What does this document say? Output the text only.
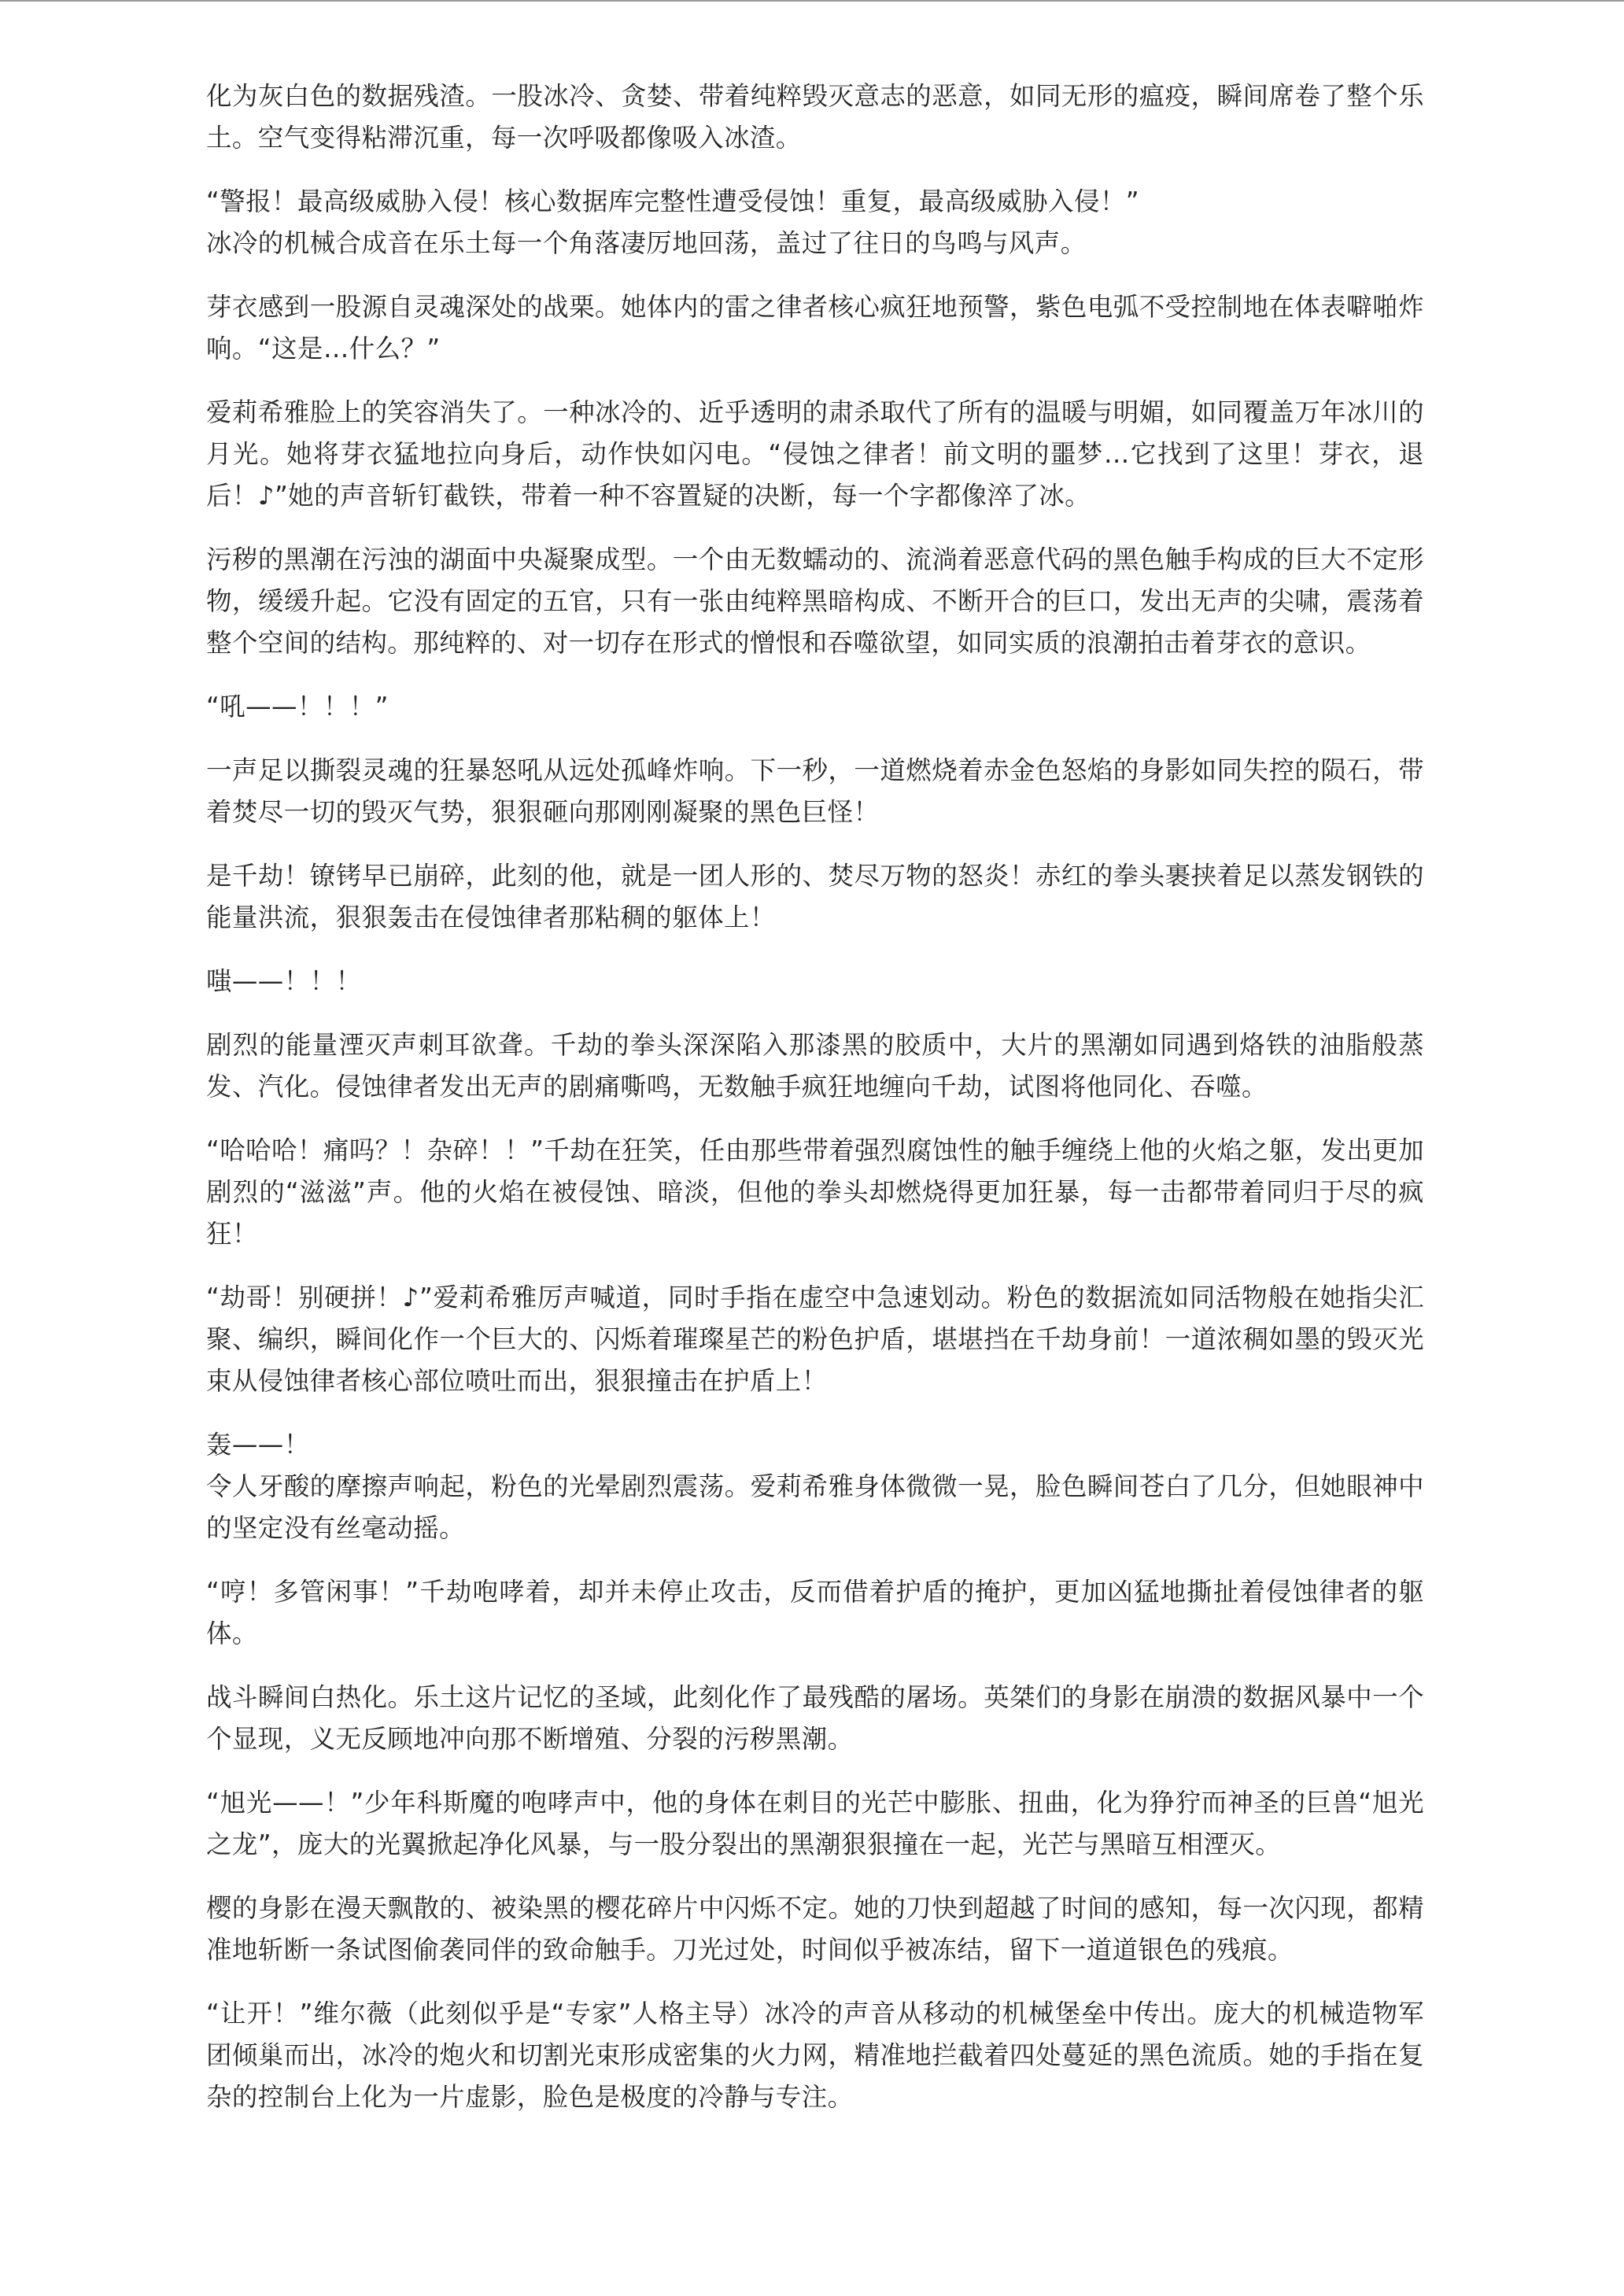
化为灰白色的数据残渣。一股冰冷、贪婪、带着纯粹毁灭意志的恶意，如同无形的瘟疫，瞬间席卷了整个乐土。空气变得粘滞沉重，每一次呼吸都像吸入冰渣。

“警报！最高级威胁入侵！核心数据库完整性遭受侵蚀！重复，最高级威胁入侵！”

冰冷的机械合成音在乐土每一个角落凄厉地回荡，盖过了往日的鸟鸣与风声。

芽衣感到一股源自灵魂深处的战栗。她体内的雷之律者核心疯狂地预警，紫色电弧不受控制地在体表噼啪炸响。“这是…什么？”

爱莉希雅脸上的笑容消失了。一种冰冷的、近乎透明的肃杀取代了所有的温暖与明媚，如同覆盖万年冰川的月光。她将芽衣猛地拉向身后，动作快如闪电。“侵蚀之律者！前文明的噩梦…它找到了这里！芽衣，退后！♪”她的声音斩钉截铁，带着一种不容置疑的决断，每一个字都像淬了冰。

污秽的黑潮在污浊的湖面中央凝聚成型。一个由无数蠕动的、流淌着恶意代码的黑色触手构成的巨大不定形物，缓缓升起。它没有固定的五官，只有一张由纯粹黑暗构成、不断开合的巨口，发出无声的尖啸，震荡着整个空间的结构。那纯粹的、对一切存在形式的憎恨和吞噬欲望，如同实质的浪潮拍击着芽衣的意识。

“吼——！！！”

一声足以撕裂灵魂的狂暴怒吼从远处孤峰炸响。下一秒，一道燃烧着赤金色怒焰的身影如同失控的陨石，带着焚尽一切的毁灭气势，狠狠砸向那刚刚凝聚的黑色巨怪！

是千劫！镣铐早已崩碎，此刻的他，就是一团人形的、焚尽万物的怒炎！赤红的拳头裹挟着足以蒸发钢铁的能量洪流，狠狠轰击在侵蚀律者那粘稠的躯体上！

嗤——！！！

剧烈的能量湮灭声刺耳欲聋。千劫的拳头深深陷入那漆黑的胶质中，大片的黑潮如同遇到烙铁的油脂般蒸发、汽化。侵蚀律者发出无声的剧痛嘶鸣，无数触手疯狂地缠向千劫，试图将他同化、吞噬。

“哈哈哈！痛吗？！杂碎！！”千劫在狂笑，任由那些带着强烈腐蚀性的触手缠绕上他的火焰之躯，发出更加剧烈的“滋滋”声。他的火焰在被侵蚀、暗淡，但他的拳头却燃烧得更加狂暴，每一击都带着同归于尽的疯狂！

“劫哥！别硬拼！♪”爱莉希雅厉声喊道，同时手指在虚空中急速划动。粉色的数据流如同活物般在她指尖汇聚、编织，瞬间化作一个巨大的、闪烁着璀璨星芒的粉色护盾，堪堪挡在千劫身前！一道浓稠如墨的毁灭光束从侵蚀律者核心部位喷吐而出，狠狠撞击在护盾上！

轰——！

令人牙酸的摩擦声响起，粉色的光晕剧烈震荡。爱莉希雅身体微微一晃，脸色瞬间苍白了几分，但她眼神中的坚定没有丝毫动摇。

“哼！多管闲事！”千劫咆哮着，却并未停止攻击，反而借着护盾的掩护，更加凶猛地撕扯着侵蚀律者的躯体。

战斗瞬间白热化。乐土这片记忆的圣域，此刻化作了最残酷的屠场。英桀们的身影在崩溃的数据风暴中一个个显现，义无反顾地冲向那不断增殖、分裂的污秽黑潮。

“旭光——！”少年科斯魔的咆哮声中，他的身体在刺目的光芒中膨胀、扭曲，化为狰狞而神圣的巨兽“旭光之龙”，庞大的光翼掀起净化风暴，与一股分裂出的黑潮狠狠撞在一起，光芒与黑暗互相湮灭。

樱的身影在漫天飘散的、被染黑的樱花碎片中闪烁不定。她的刀快到超越了时间的感知，每一次闪现，都精准地斩断一条试图偷袭同伴的致命触手。刀光过处，时间似乎被冻结，留下一道道银色的残痕。

“让开！”维尔薇（此刻似乎是“专家”人格主导）冰冷的声音从移动的机械堡垒中传出。庞大的机械造物军团倾巢而出，冰冷的炮火和切割光束形成密集的火力网，精准地拦截着四处蔓延的黑色流质。她的手指在复杂的控制台上化为一片虚影，脸色是极度的冷静与专注。
